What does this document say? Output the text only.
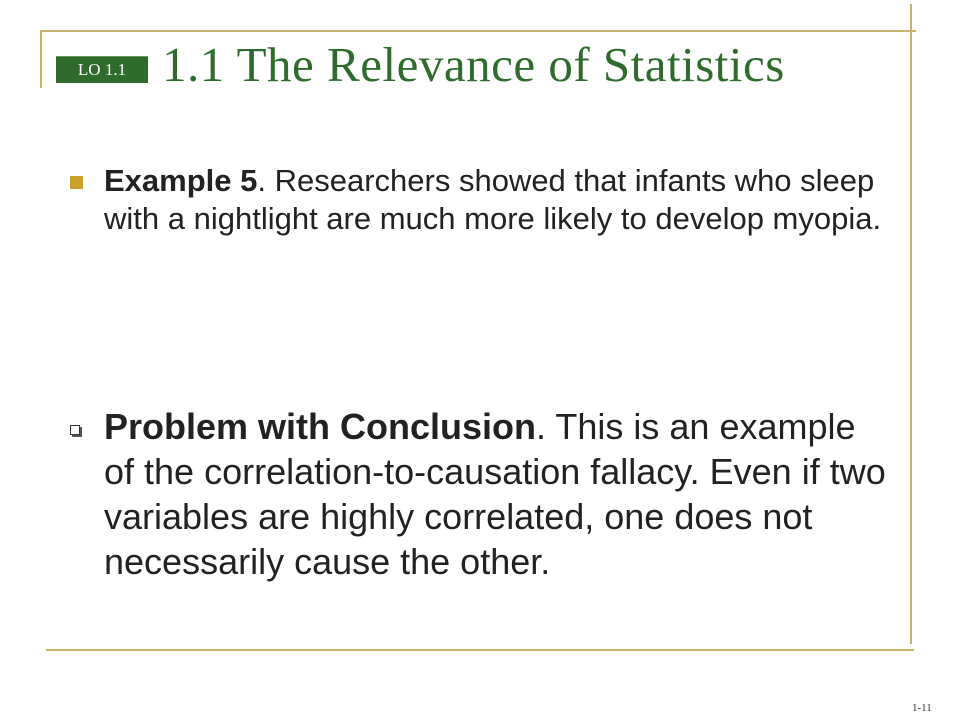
LO 1.1 1.1 The Relevance of Statistics
Example 5. Researchers showed that infants who sleep with a nightlight are much more likely to develop myopia.
Problem with Conclusion. This is an example of the correlation-to-causation fallacy. Even if two variables are highly correlated, one does not necessarily cause the other.
1-11
